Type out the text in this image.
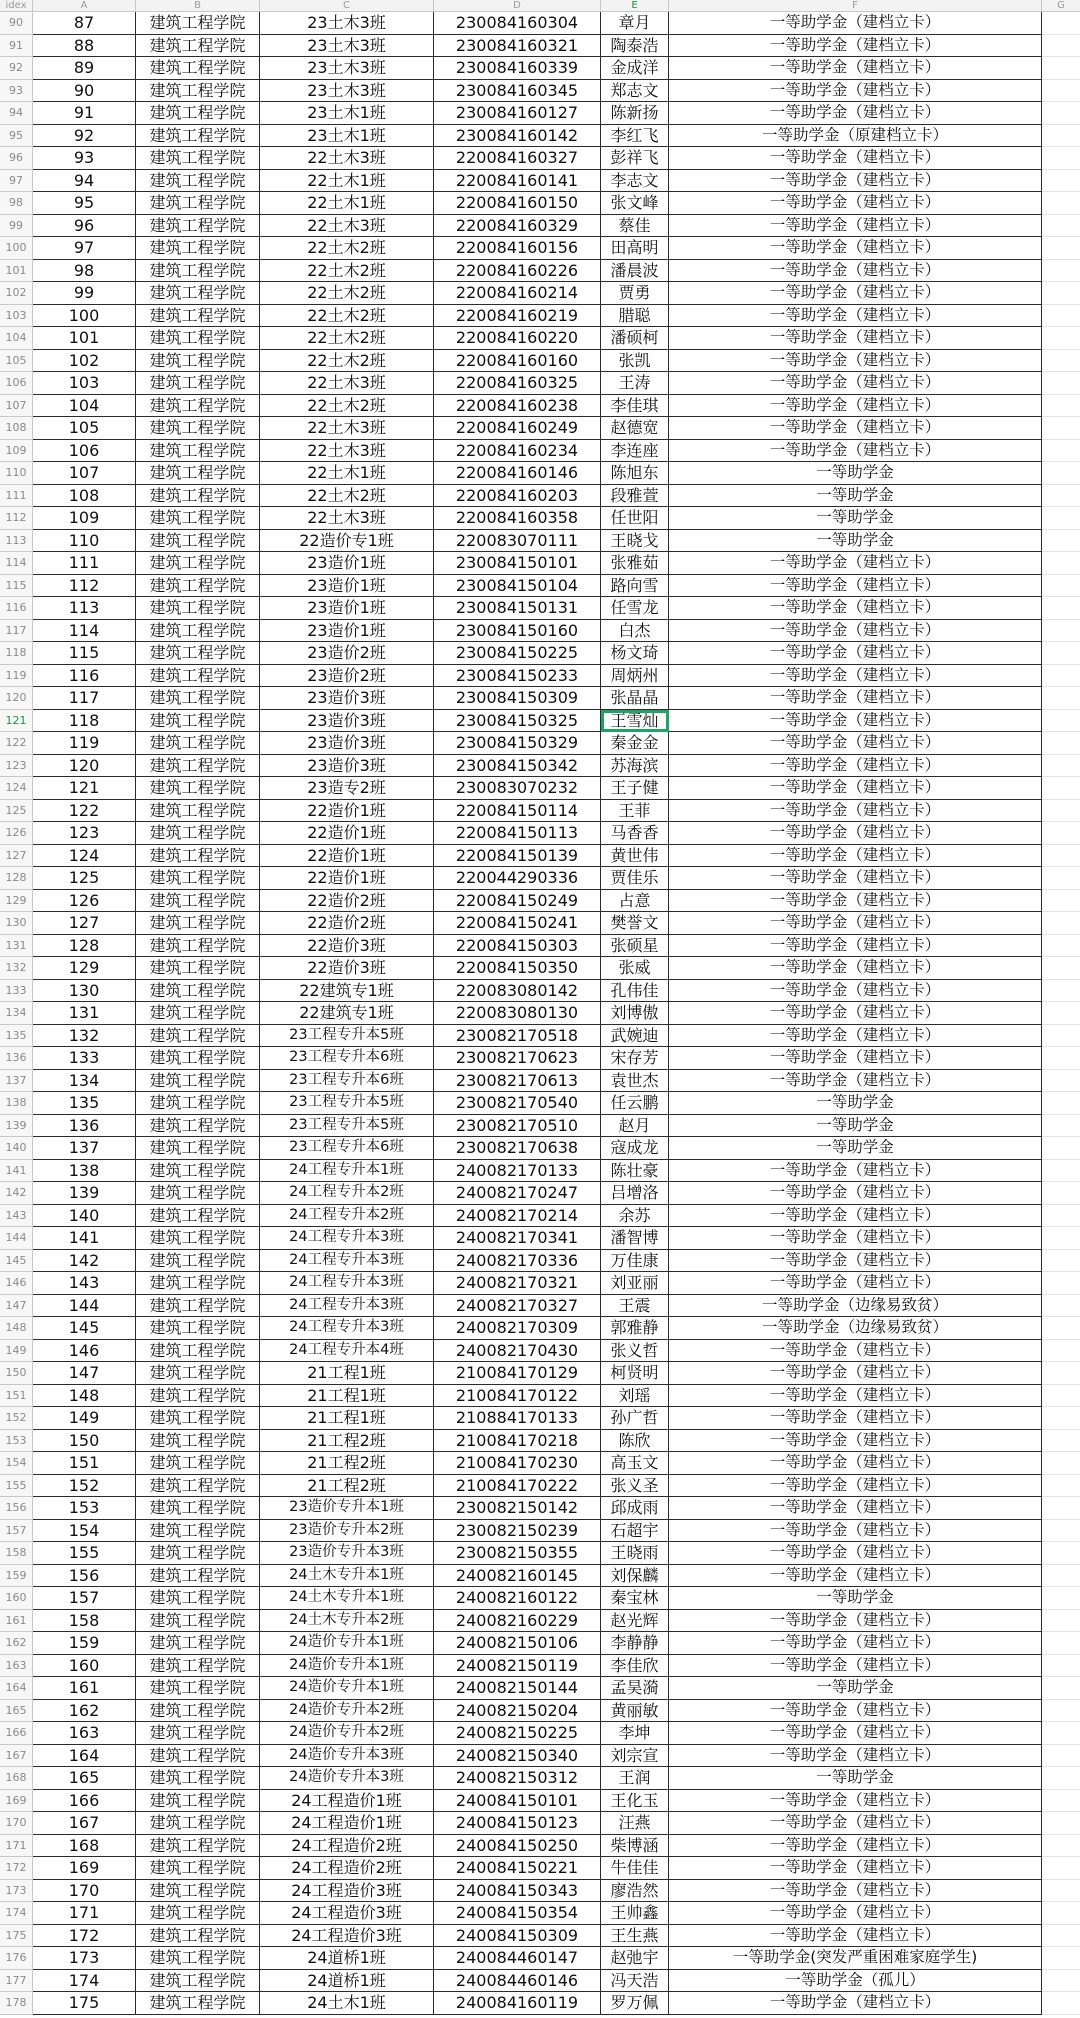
idex	A	B	C	D	E	F	G
90	87	建筑工程学院	23土木3班	230084160304	章月	一等助学金（建档立卡）
91	88	建筑工程学院	23土木3班	230084160321	陶泰浩	一等助学金（建档立卡）
92	89	建筑工程学院	23土木3班	230084160339	金成洋	一等助学金（建档立卡）
93	90	建筑工程学院	23土木3班	230084160345	郑志文	一等助学金（建档立卡）
94	91	建筑工程学院	23土木1班	230084160127	陈新扬	一等助学金（建档立卡）
95	92	建筑工程学院	23土木1班	230084160142	李红飞	一等助学金（原建档立卡）
96	93	建筑工程学院	22土木3班	220084160327	彭祥飞	一等助学金（建档立卡）
97	94	建筑工程学院	22土木1班	220084160141	李志文	一等助学金（建档立卡）
98	95	建筑工程学院	22土木1班	220084160150	张文峰	一等助学金（建档立卡）
99	96	建筑工程学院	22土木3班	220084160329	蔡佳	一等助学金（建档立卡）
100	97	建筑工程学院	22土木2班	220084160156	田高明	一等助学金（建档立卡）
101	98	建筑工程学院	22土木2班	220084160226	潘晨波	一等助学金（建档立卡）
102	99	建筑工程学院	22土木2班	220084160214	贾勇	一等助学金（建档立卡）
103	100	建筑工程学院	22土木2班	220084160219	腊聪	一等助学金（建档立卡）
104	101	建筑工程学院	22土木2班	220084160220	潘硕柯	一等助学金（建档立卡）
105	102	建筑工程学院	22土木2班	220084160160	张凯	一等助学金（建档立卡）
106	103	建筑工程学院	22土木3班	220084160325	王涛	一等助学金（建档立卡）
107	104	建筑工程学院	22土木2班	220084160238	李佳琪	一等助学金（建档立卡）
108	105	建筑工程学院	22土木3班	220084160249	赵德宽	一等助学金（建档立卡）
109	106	建筑工程学院	22土木3班	220084160234	李连座	一等助学金（建档立卡）
110	107	建筑工程学院	22土木1班	220084160146	陈旭东	一等助学金
111	108	建筑工程学院	22土木2班	220084160203	段雅萱	一等助学金
112	109	建筑工程学院	22土木3班	220084160358	任世阳	一等助学金
113	110	建筑工程学院	22造价专1班	220083070111	王晓戈	一等助学金
114	111	建筑工程学院	23造价1班	230084150101	张雅茹	一等助学金（建档立卡）
115	112	建筑工程学院	23造价1班	230084150104	路向雪	一等助学金（建档立卡）
116	113	建筑工程学院	23造价1班	230084150131	任雪龙	一等助学金（建档立卡）
117	114	建筑工程学院	23造价1班	230084150160	白杰	一等助学金（建档立卡）
118	115	建筑工程学院	23造价2班	230084150225	杨文琦	一等助学金（建档立卡）
119	116	建筑工程学院	23造价2班	230084150233	周炳州	一等助学金（建档立卡）
120	117	建筑工程学院	23造价3班	230084150309	张晶晶	一等助学金（建档立卡）
121	118	建筑工程学院	23造价3班	230084150325	王雪灿	一等助学金（建档立卡）
122	119	建筑工程学院	23造价3班	230084150329	秦金金	一等助学金（建档立卡）
123	120	建筑工程学院	23造价3班	230084150342	苏海滨	一等助学金（建档立卡）
124	121	建筑工程学院	23造专2班	230083070232	王子健	一等助学金（建档立卡）
125	122	建筑工程学院	22造价1班	220084150114	王菲	一等助学金（建档立卡）
126	123	建筑工程学院	22造价1班	220084150113	马香香	一等助学金（建档立卡）
127	124	建筑工程学院	22造价1班	220084150139	黄世伟	一等助学金（建档立卡）
128	125	建筑工程学院	22造价1班	220044290336	贾佳乐	一等助学金（建档立卡）
129	126	建筑工程学院	22造价2班	220084150249	占意	一等助学金（建档立卡）
130	127	建筑工程学院	22造价2班	220084150241	樊誉文	一等助学金（建档立卡）
131	128	建筑工程学院	22造价3班	220084150303	张硕星	一等助学金（建档立卡）
132	129	建筑工程学院	22造价3班	220084150350	张威	一等助学金（建档立卡）
133	130	建筑工程学院	22建筑专1班	220083080142	孔伟佳	一等助学金（建档立卡）
134	131	建筑工程学院	22建筑专1班	220083080130	刘博傲	一等助学金（建档立卡）
135	132	建筑工程学院	23工程专升本5班	230082170518	武婉迪	一等助学金（建档立卡）
136	133	建筑工程学院	23工程专升本6班	230082170623	宋存芳	一等助学金（建档立卡）
137	134	建筑工程学院	23工程专升本6班	230082170613	袁世杰	一等助学金（建档立卡）
138	135	建筑工程学院	23工程专升本5班	230082170540	任云鹏	一等助学金
139	136	建筑工程学院	23工程专升本5班	230082170510	赵月	一等助学金
140	137	建筑工程学院	23工程专升本6班	230082170638	寇成龙	一等助学金
141	138	建筑工程学院	24工程专升本1班	240082170133	陈壮豪	一等助学金（建档立卡）
142	139	建筑工程学院	24工程专升本2班	240082170247	吕增洛	一等助学金（建档立卡）
143	140	建筑工程学院	24工程专升本2班	240082170214	余苏	一等助学金（建档立卡）
144	141	建筑工程学院	24工程专升本3班	240082170341	潘智博	一等助学金（建档立卡）
145	142	建筑工程学院	24工程专升本3班	240082170336	万佳康	一等助学金（建档立卡）
146	143	建筑工程学院	24工程专升本3班	240082170321	刘亚丽	一等助学金（建档立卡）
147	144	建筑工程学院	24工程专升本3班	240082170327	王震	一等助学金（边缘易致贫）
148	145	建筑工程学院	24工程专升本3班	240082170309	郭雅静	一等助学金（边缘易致贫）
149	146	建筑工程学院	24工程专升本4班	240082170430	张义哲	一等助学金（建档立卡）
150	147	建筑工程学院	21工程1班	210084170129	柯贤明	一等助学金（建档立卡）
151	148	建筑工程学院	21工程1班	210084170122	刘瑶	一等助学金（建档立卡）
152	149	建筑工程学院	21工程1班	210884170133	孙广哲	一等助学金（建档立卡）
153	150	建筑工程学院	21工程2班	210084170218	陈欣	一等助学金（建档立卡）
154	151	建筑工程学院	21工程2班	210084170230	高玉文	一等助学金（建档立卡）
155	152	建筑工程学院	21工程2班	210084170222	张义圣	一等助学金（建档立卡）
156	153	建筑工程学院	23造价专升本1班	230082150142	邱成雨	一等助学金（建档立卡）
157	154	建筑工程学院	23造价专升本2班	230082150239	石超宇	一等助学金（建档立卡）
158	155	建筑工程学院	23造价专升本3班	230082150355	王晓雨	一等助学金（建档立卡）
159	156	建筑工程学院	24土木专升本1班	240082160145	刘保麟	一等助学金（建档立卡）
160	157	建筑工程学院	24土木专升本1班	240082160122	秦宝林	一等助学金
161	158	建筑工程学院	24土木专升本2班	240082160229	赵光辉	一等助学金（建档立卡）
162	159	建筑工程学院	24造价专升本1班	240082150106	李静静	一等助学金（建档立卡）
163	160	建筑工程学院	24造价专升本1班	240082150119	李佳欣	一等助学金（建档立卡）
164	161	建筑工程学院	24造价专升本1班	240082150144	孟昊漪	一等助学金
165	162	建筑工程学院	24造价专升本2班	240082150204	黄丽敏	一等助学金（建档立卡）
166	163	建筑工程学院	24造价专升本2班	240082150225	李坤	一等助学金（建档立卡）
167	164	建筑工程学院	24造价专升本3班	240082150340	刘宗宣	一等助学金（建档立卡）
168	165	建筑工程学院	24造价专升本3班	240082150312	王润	一等助学金
169	166	建筑工程学院	24工程造价1班	240084150101	王化玉	一等助学金（建档立卡）
170	167	建筑工程学院	24工程造价1班	240084150123	汪燕	一等助学金（建档立卡）
171	168	建筑工程学院	24工程造价2班	240084150250	柴博涵	一等助学金（建档立卡）
172	169	建筑工程学院	24工程造价2班	240084150221	牛佳佳	一等助学金（建档立卡）
173	170	建筑工程学院	24工程造价3班	240084150343	廖浩然	一等助学金（建档立卡）
174	171	建筑工程学院	24工程造价3班	240084150354	王帅鑫	一等助学金（建档立卡）
175	172	建筑工程学院	24工程造价3班	240084150309	王生燕	一等助学金（建档立卡）
176	173	建筑工程学院	24道桥1班	240084460147	赵弛宇	一等助学金(突发严重困难家庭学生)
177	174	建筑工程学院	24道桥1班	240084460146	冯天浩	一等助学金（孤儿）
178	175	建筑工程学院	24土木1班	240084160119	罗万佩	一等助学金（建档立卡）
